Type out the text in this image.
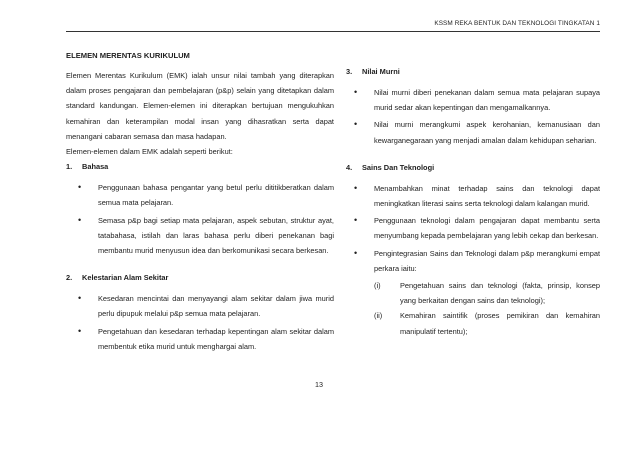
KSSM REKA BENTUK DAN TEKNOLOGI TINGKATAN 1
ELEMEN MERENTAS KURIKULUM

Elemen Merentas Kurikulum (EMK) ialah unsur nilai tambah yang diterapkan dalam proses pengajaran dan pembelajaran (p&p) selain yang ditetapkan dalam standard kandungan. Elemen-elemen ini diterapkan bertujuan mengukuhkan kemahiran dan keterampilan modal insan yang dihasratkan serta dapat menangani cabaran semasa dan masa hadapan.

Elemen-elemen dalam EMK adalah seperti berikut:

1. Bahasa
• Penggunaan bahasa pengantar yang betul perlu dititikberatkan dalam semua mata pelajaran.
• Semasa p&p bagi setiap mata pelajaran, aspek sebutan, struktur ayat, tatabahasa, istilah dan laras bahasa perlu diberi penekanan bagi membantu murid menyusun idea dan berkomunikasi secara berkesan.
2. Kelestarian Alam Sekitar
• Kesedaran mencintai dan menyayangi alam sekitar dalam jiwa murid perlu dipupuk melalui p&p semua mata pelajaran.
• Pengetahuan dan kesedaran terhadap kepentingan alam sekitar dalam membentuk etika murid untuk menghargai alam.
3. Nilai Murni
• Nilai murni diberi penekanan dalam semua mata pelajaran supaya murid sedar akan kepentingan dan mengamalkannya.
• Nilai murni merangkumi aspek kerohanian, kemanusiaan dan kewarganegaraan yang menjadi amalan dalam kehidupan seharian.
4. Sains Dan Teknologi
• Menambahkan minat terhadap sains dan teknologi dapat meningkatkan literasi sains serta teknologi dalam kalangan murid.
• Penggunaan teknologi dalam pengajaran dapat membantu serta menyumbang kepada pembelajaran yang lebih cekap dan berkesan.
• Pengintegrasian Sains dan Teknologi dalam p&p merangkumi empat perkara iaitu:
(i)	Pengetahuan sains dan teknologi (fakta, prinsip, konsep yang berkaitan dengan sains dan teknologi);
(ii) Kemahiran saintifik (proses pemikiran dan kemahiran manipulatif tertentu);
13
